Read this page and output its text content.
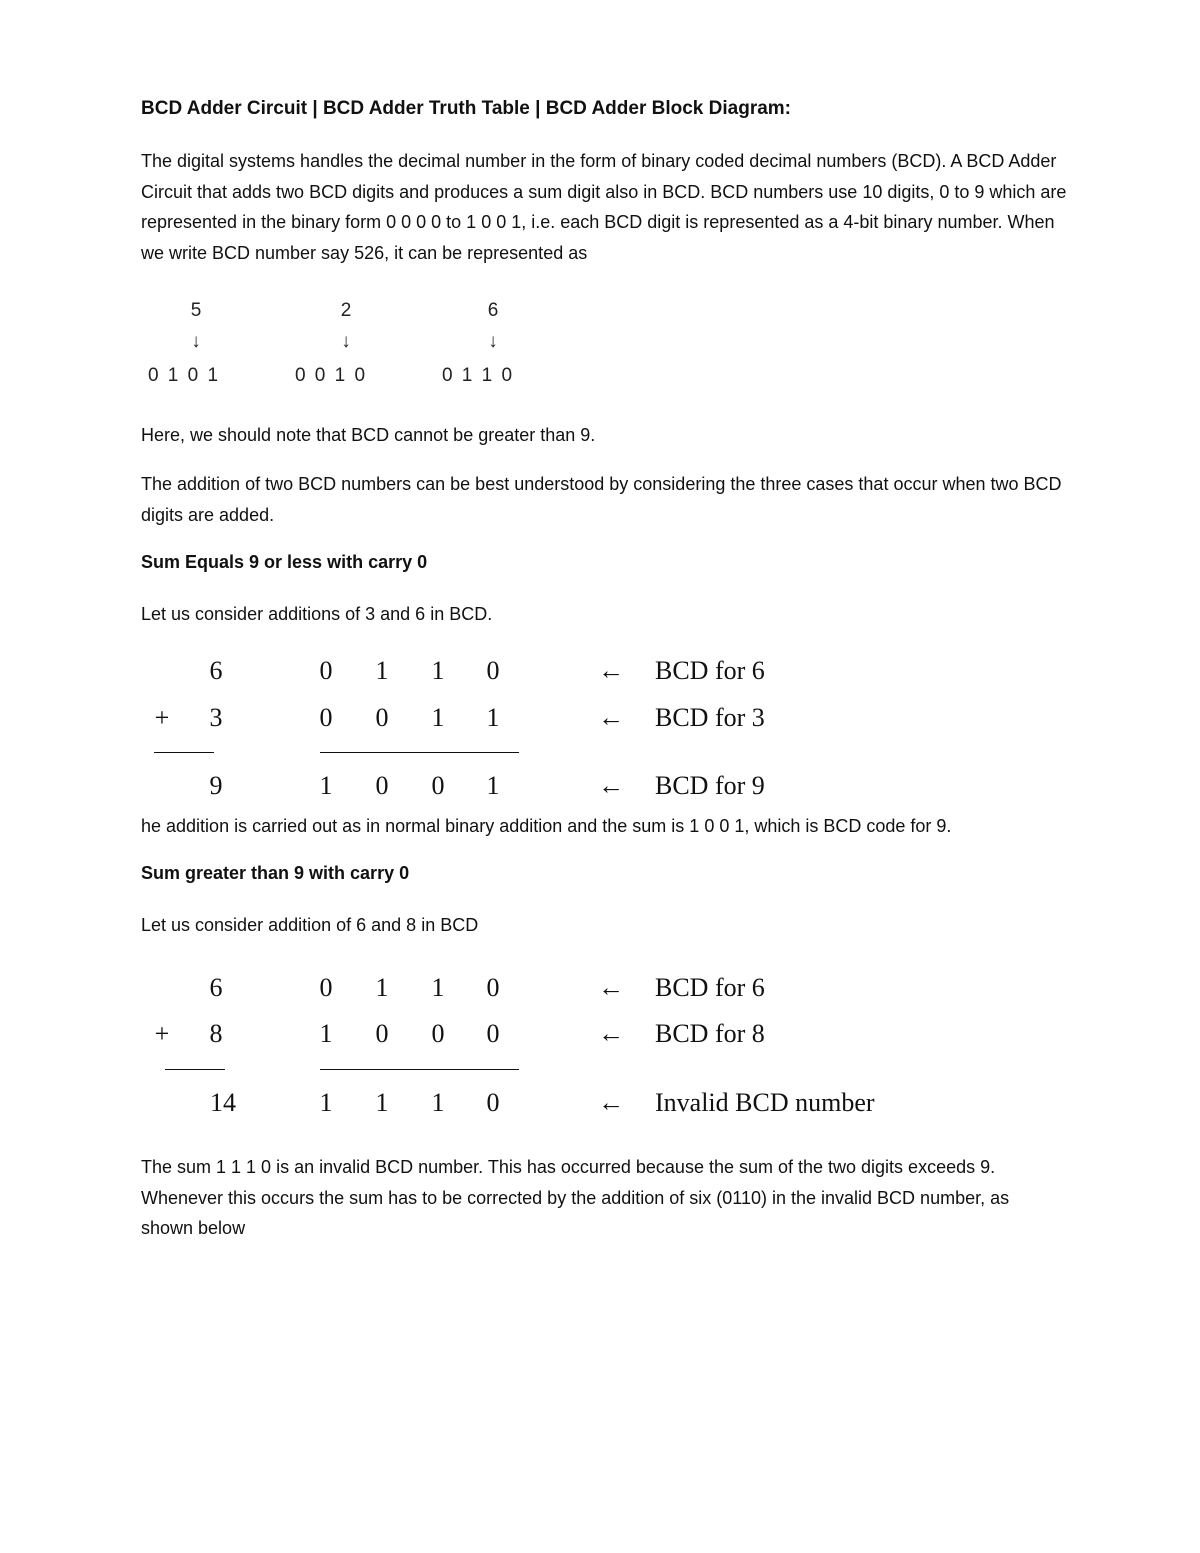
BCD Adder Circuit | BCD Adder Truth Table | BCD Adder Block Diagram:
The digital systems handles the decimal number in the form of binary coded decimal numbers (BCD). A BCD Adder Circuit that adds two BCD digits and produces a sum digit also in BCD. BCD numbers use 10 digits, 0 to 9 which are represented in the binary form 0 0 0 0 to 1 0 0 1, i.e. each BCD digit is represented as a 4-bit binary number. When we write BCD number say 526, it can be represented as
5	2	6
↓	↓	↓
0 1 0 1	0 0 1 0	0 1 1 0
Here, we should note that BCD cannot be greater than 9.
The addition of two BCD numbers can be best understood by considering the three cases that occur when two BCD digits are added.
Sum Equals 9 or less with carry 0
Let us consider additions of 3 and 6 in BCD.
6	0 1 1 0	← BCD for 6
+ 3	0 0 1 1	← BCD for 3
9	1 0 0 1	← BCD for 9
he addition is carried out as in normal binary addition and the sum is 1 0 0 1, which is BCD code for 9.
Sum greater than 9 with carry 0
Let us consider addition of 6 and 8 in BCD
6	0 1 1 0	← BCD for 6
+ 8	1 0 0 0	← BCD for 8
14	1 1 1 0	← Invalid BCD number
The sum 1 1 1 0 is an invalid BCD number. This has occurred because the sum of the two digits exceeds 9. Whenever this occurs the sum has to be corrected by the addition of six (0110) in the invalid BCD number, as shown below
